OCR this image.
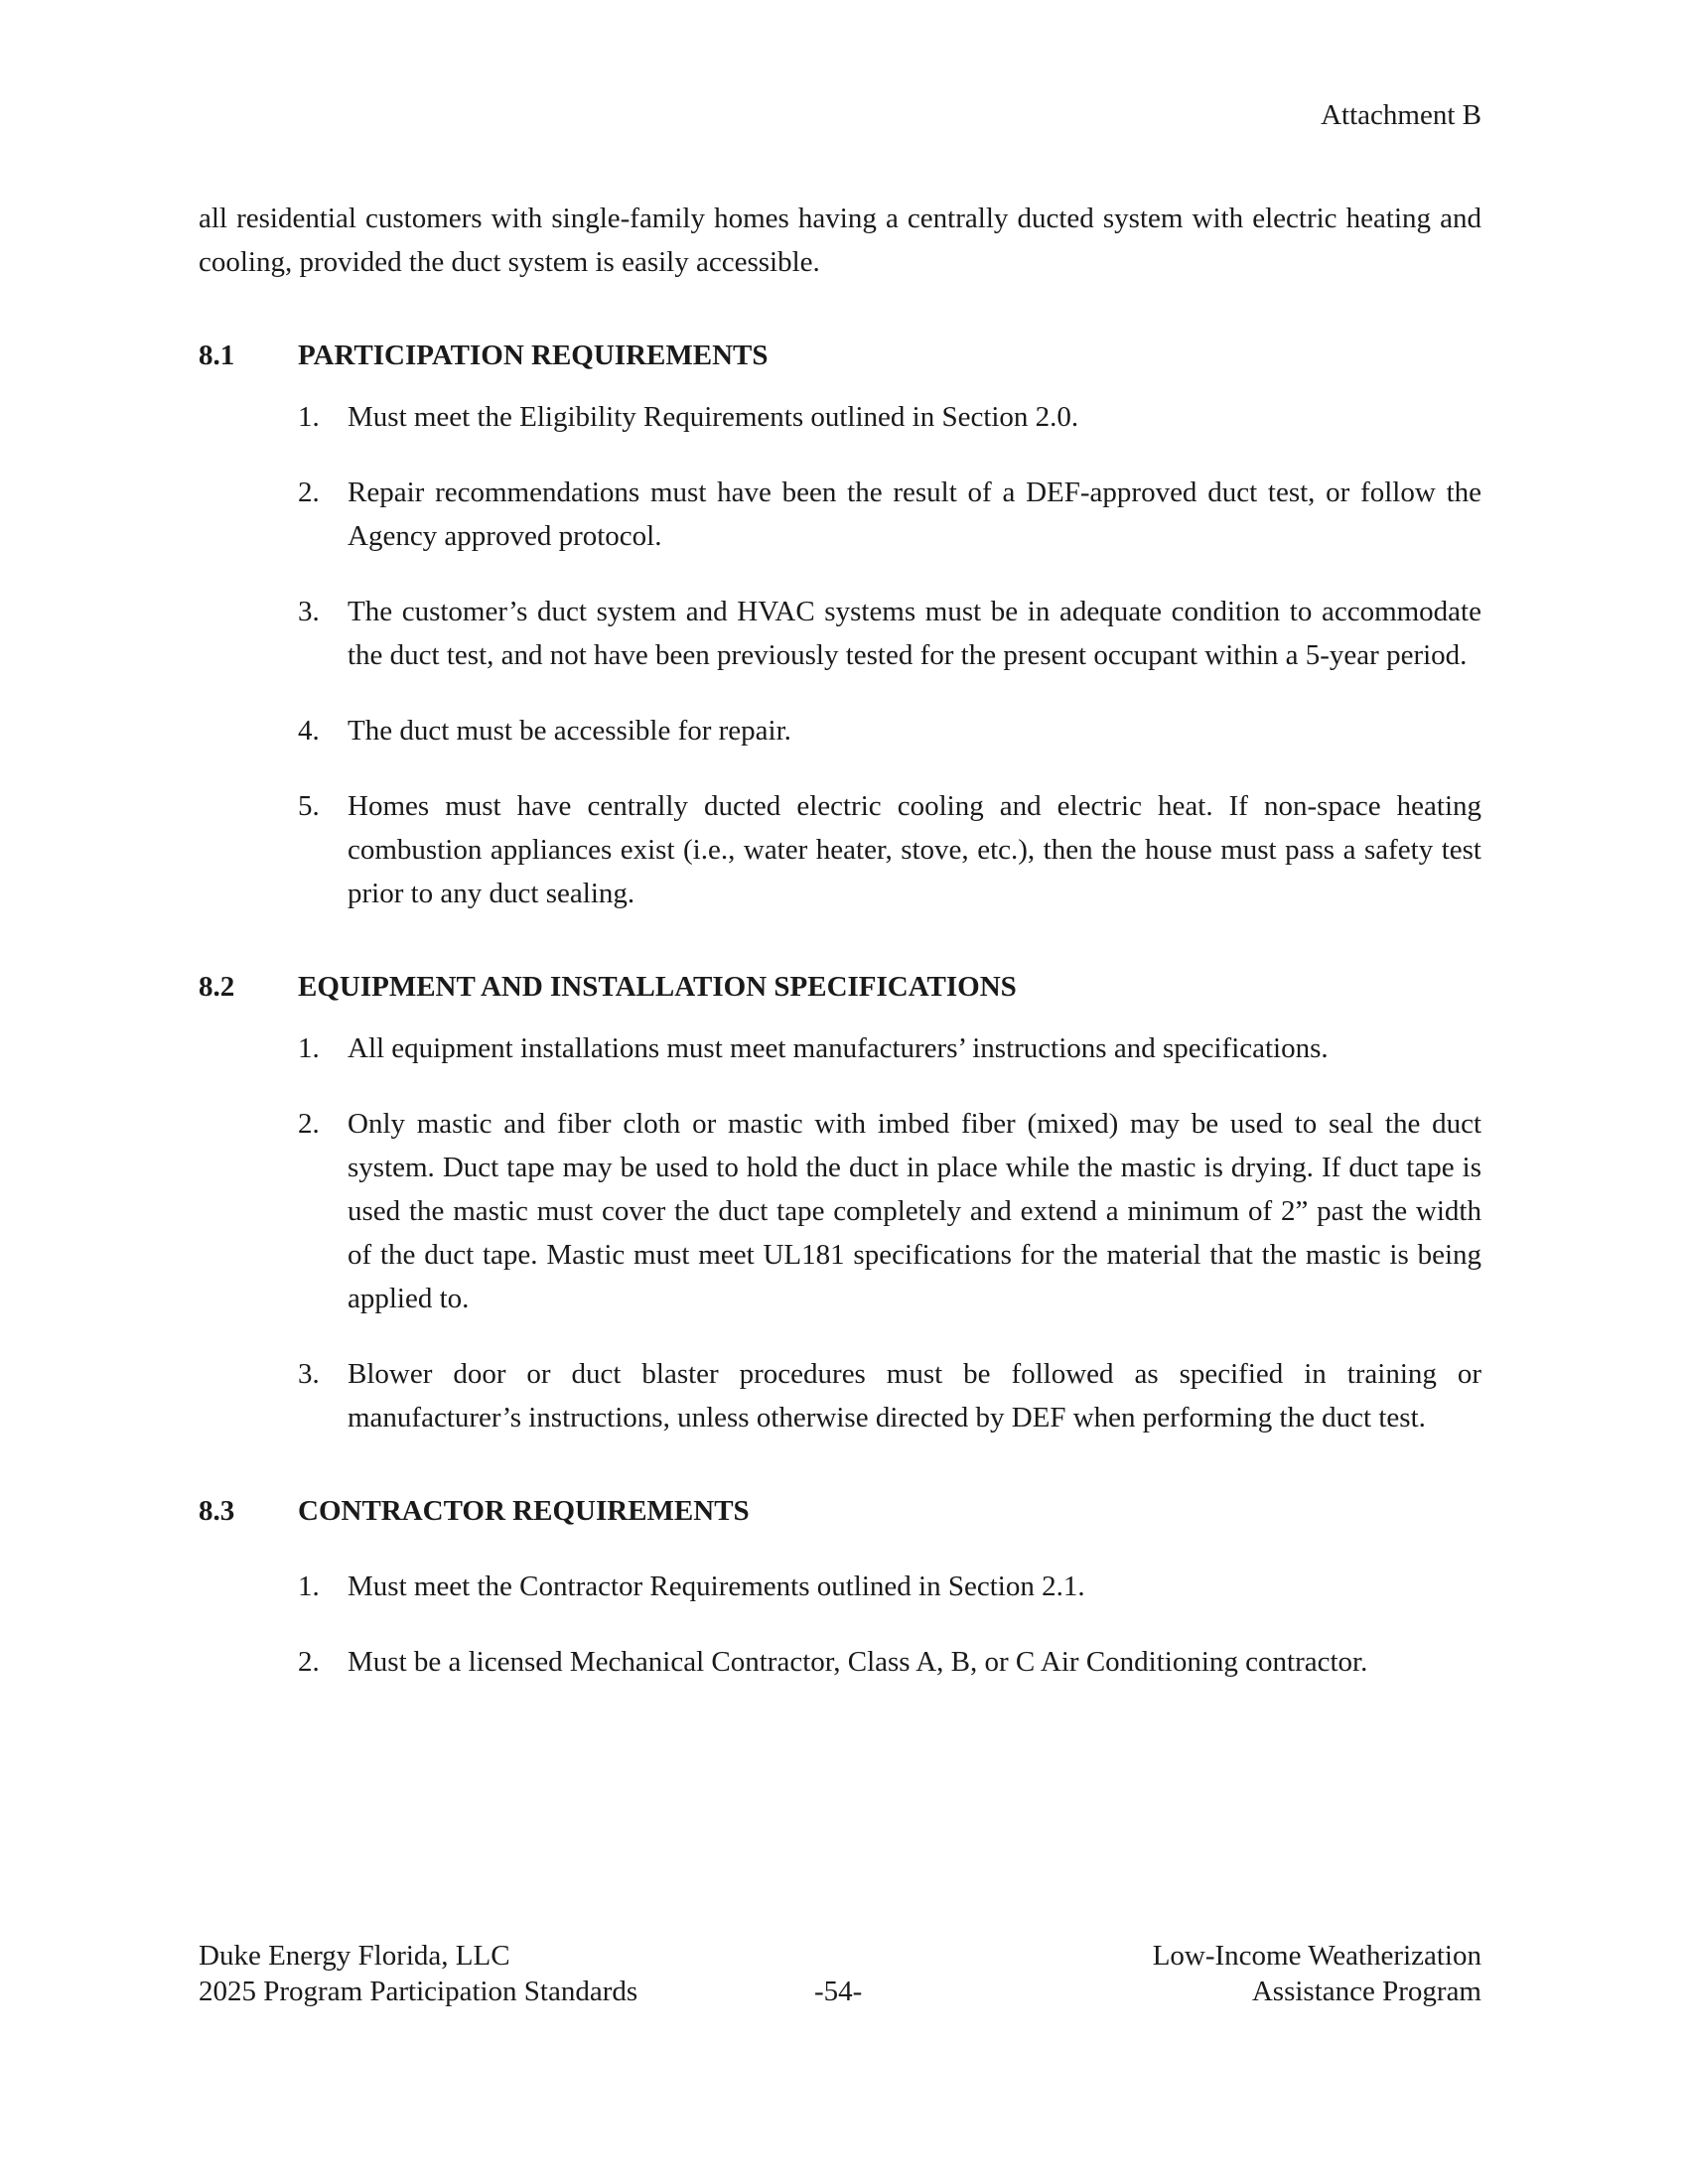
Attachment B

all residential customers with single-family homes having a centrally ducted system with electric heating and cooling, provided the duct system is easily accessible.

8.1 PARTICIPATION REQUIREMENTS
1. Must meet the Eligibility Requirements outlined in Section 2.0.
2. Repair recommendations must have been the result of a DEF-approved duct test, or follow the Agency approved protocol.
3. The customer’s duct system and HVAC systems must be in adequate condition to accommodate the duct test, and not have been previously tested for the present occupant within a 5-year period.
4. The duct must be accessible for repair.
5. Homes must have centrally ducted electric cooling and electric heat. If non-space heating combustion appliances exist (i.e., water heater, stove, etc.), then the house must pass a safety test prior to any duct sealing.
8.2 EQUIPMENT AND INSTALLATION SPECIFICATIONS
1. All equipment installations must meet manufacturers’ instructions and specifications.
2. Only mastic and fiber cloth or mastic with imbed fiber (mixed) may be used to seal the duct system. Duct tape may be used to hold the duct in place while the mastic is drying. If duct tape is used the mastic must cover the duct tape completely and extend a minimum of 2” past the width of the duct tape. Mastic must meet UL181 specifications for the material that the mastic is being applied to.
3. Blower door or duct blaster procedures must be followed as specified in training or manufacturer’s instructions, unless otherwise directed by DEF when performing the duct test.
8.3 CONTRACTOR REQUIREMENTS
1. Must meet the Contractor Requirements outlined in Section 2.1.
2. Must be a licensed Mechanical Contractor, Class A, B, or C Air Conditioning contractor.
Duke Energy Florida, LLC
2025 Program Participation Standards	-54-
Low-Income Weatherization
Assistance Program
